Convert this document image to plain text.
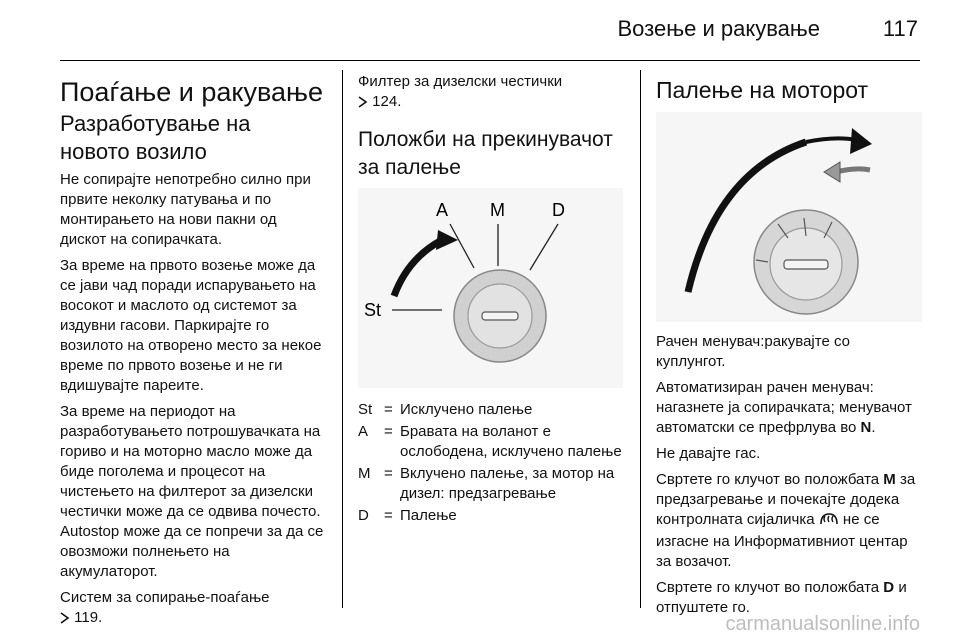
Возење и ракување	117
Поаѓање и ракување
Разработување на новото возило

Не сопирајте непотребно силно при првите неколку патувања и по монтирањето на нови пакни од дискот на сопирачката.

За време на првото возење може да се јави чад поради испарувањето на восокот и маслото од системот за издувни гасови. Паркирајте го возилото на отворено место за некое време по првото возење и не ги вдишувајте пареите.

За време на периодот на разработувањето потрошувачката на гориво и на моторно масло може да биде поголема и процесот на чистењето на филтерот за дизелски честички може да се одвива почесто. Autostop може да се попречи за да се овозможи полнењето на акумулаторот.

Систем за сопирање-поаѓање
119.

Филтер за дизелски честички
124.

Положби на прекинувачот за палење
A M	D
St
St = Исклучено палење
A	= Бравата на воланот е ослободена, исклучено палење
M = Вклучено палење, за мотор на дизел: предзагревање
D	= Палење
Палење на моторот

Рачен менувач:ракувајте со куплунгот.

Автоматизиран рачен менувач: нагазнете ја сопирачката; менувачот автоматски се префрлува во N.

Не давајте гас.

Свртете го клучот во положбата M за предзагревање и почекајте додека контролната сијаличка не се изгасне на Информативниот центар за возачот.

Свртете го клучот во положбата D и отпуштете го.

carmanualsonline.info
